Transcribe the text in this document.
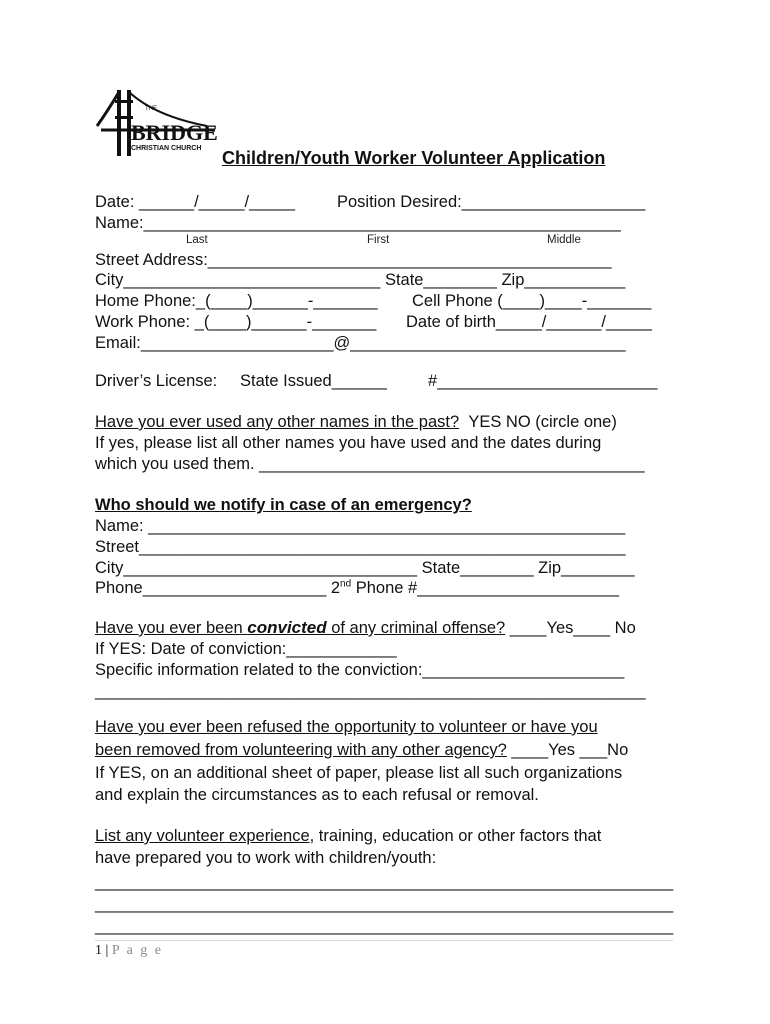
THE
BRIDGE
CHRISTIAN CHURCH Children/Youth Worker Volunteer Application
Date: ______/_____/_____	Position Desired:____________________
Name:____________________________________________________
Last	First	Middle
Street Address:____________________________________________
City____________________________ State________ Zip___________
Home Phone:_(____)______-_______ Cell Phone (____)____-_______
Work Phone: _(____)______-_______ Date of birth_____/______/_____
Email:_____________________@______________________________
Driver’s License: State Issued______ #________________________
Have you ever used any other names in the past? YES NO (circle one)
If yes, please list all other names you have used and the dates during
which you used them. __________________________________________
Who should we notify in case of an emergency?
Name: ____________________________________________________
Street_____________________________________________________
City________________________________ State________ Zip________
Phone____________________ 2nd Phone #______________________
Have you ever been convicted of any criminal offense? ____Yes____ No
If YES: Date of conviction:____________
Specific information related to the conviction:______________________
____________________________________________________________
Have you ever been refused the opportunity to volunteer or have you
been removed from volunteering with any other agency? ____Yes ___No
If YES, on an additional sheet of paper, please list all such organizations
and explain the circumstances as to each refusal or removal.
List any volunteer experience, training, education or other factors that
have prepared you to work with children/youth:
_______________________________________________________________
_______________________________________________________________
_______________________________________________________________
1 | P a g e
